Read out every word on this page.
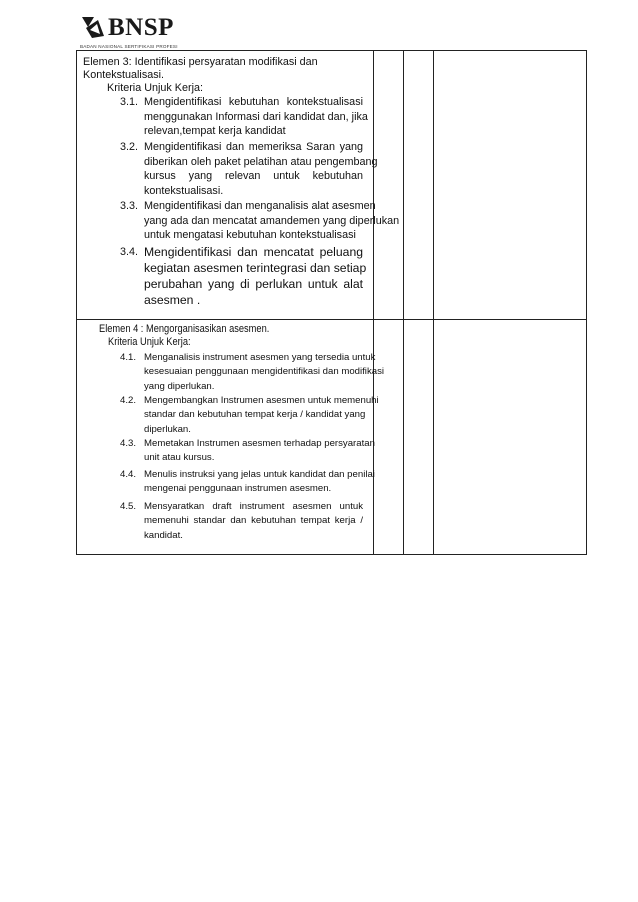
BNSP
BADAN NASIONAL SERTIFIKASI PROFESI
Elemen 3: Identifikasi persyaratan modifikasi dan
Kontekstualisasi.
Kriteria Unjuk Kerja:
3.1. Mengidentifikasi kebutuhan kontekstualisasi
menggunakan Informasi dari kandidat dan, jika
relevan,tempat kerja kandidat
3.2. Mengidentifikasi dan memeriksa Saran yang
diberikan oleh paket pelatihan atau pengembang
kursus yang relevan untuk kebutuhan
kontekstualisasi.
3.3. Mengidentifikasi dan menganalisis alat asesmen
yang ada dan mencatat amandemen yang diperlukan
untuk mengatasi kebutuhan kontekstualisasi
3.4. Mengidentifikasi dan mencatat peluang
kegiatan asesmen terintegrasi dan setiap
perubahan yang di perlukan untuk alat
asesmen .
Elemen 4 : Mengorganisasikan asesmen.
Kriteria Unjuk Kerja:
4.1. Menganalisis instrument asesmen yang tersedia untuk
kesesuaian penggunaan mengidentifikasi dan modifikasi
yang diperlukan.
4.2. Mengembangkan Instrumen asesmen untuk memenuhi
standar dan kebutuhan tempat kerja / kandidat yang
diperlukan.
4.3. Memetakan Instrumen asesmen terhadap persyaratan
unit atau kursus.
4.4. Menulis instruksi yang jelas untuk kandidat dan penilai
mengenai penggunaan instrumen asesmen.
4.5. Mensyaratkan draft instrument asesmen untuk
memenuhi standar dan kebutuhan tempat kerja /
kandidat.
